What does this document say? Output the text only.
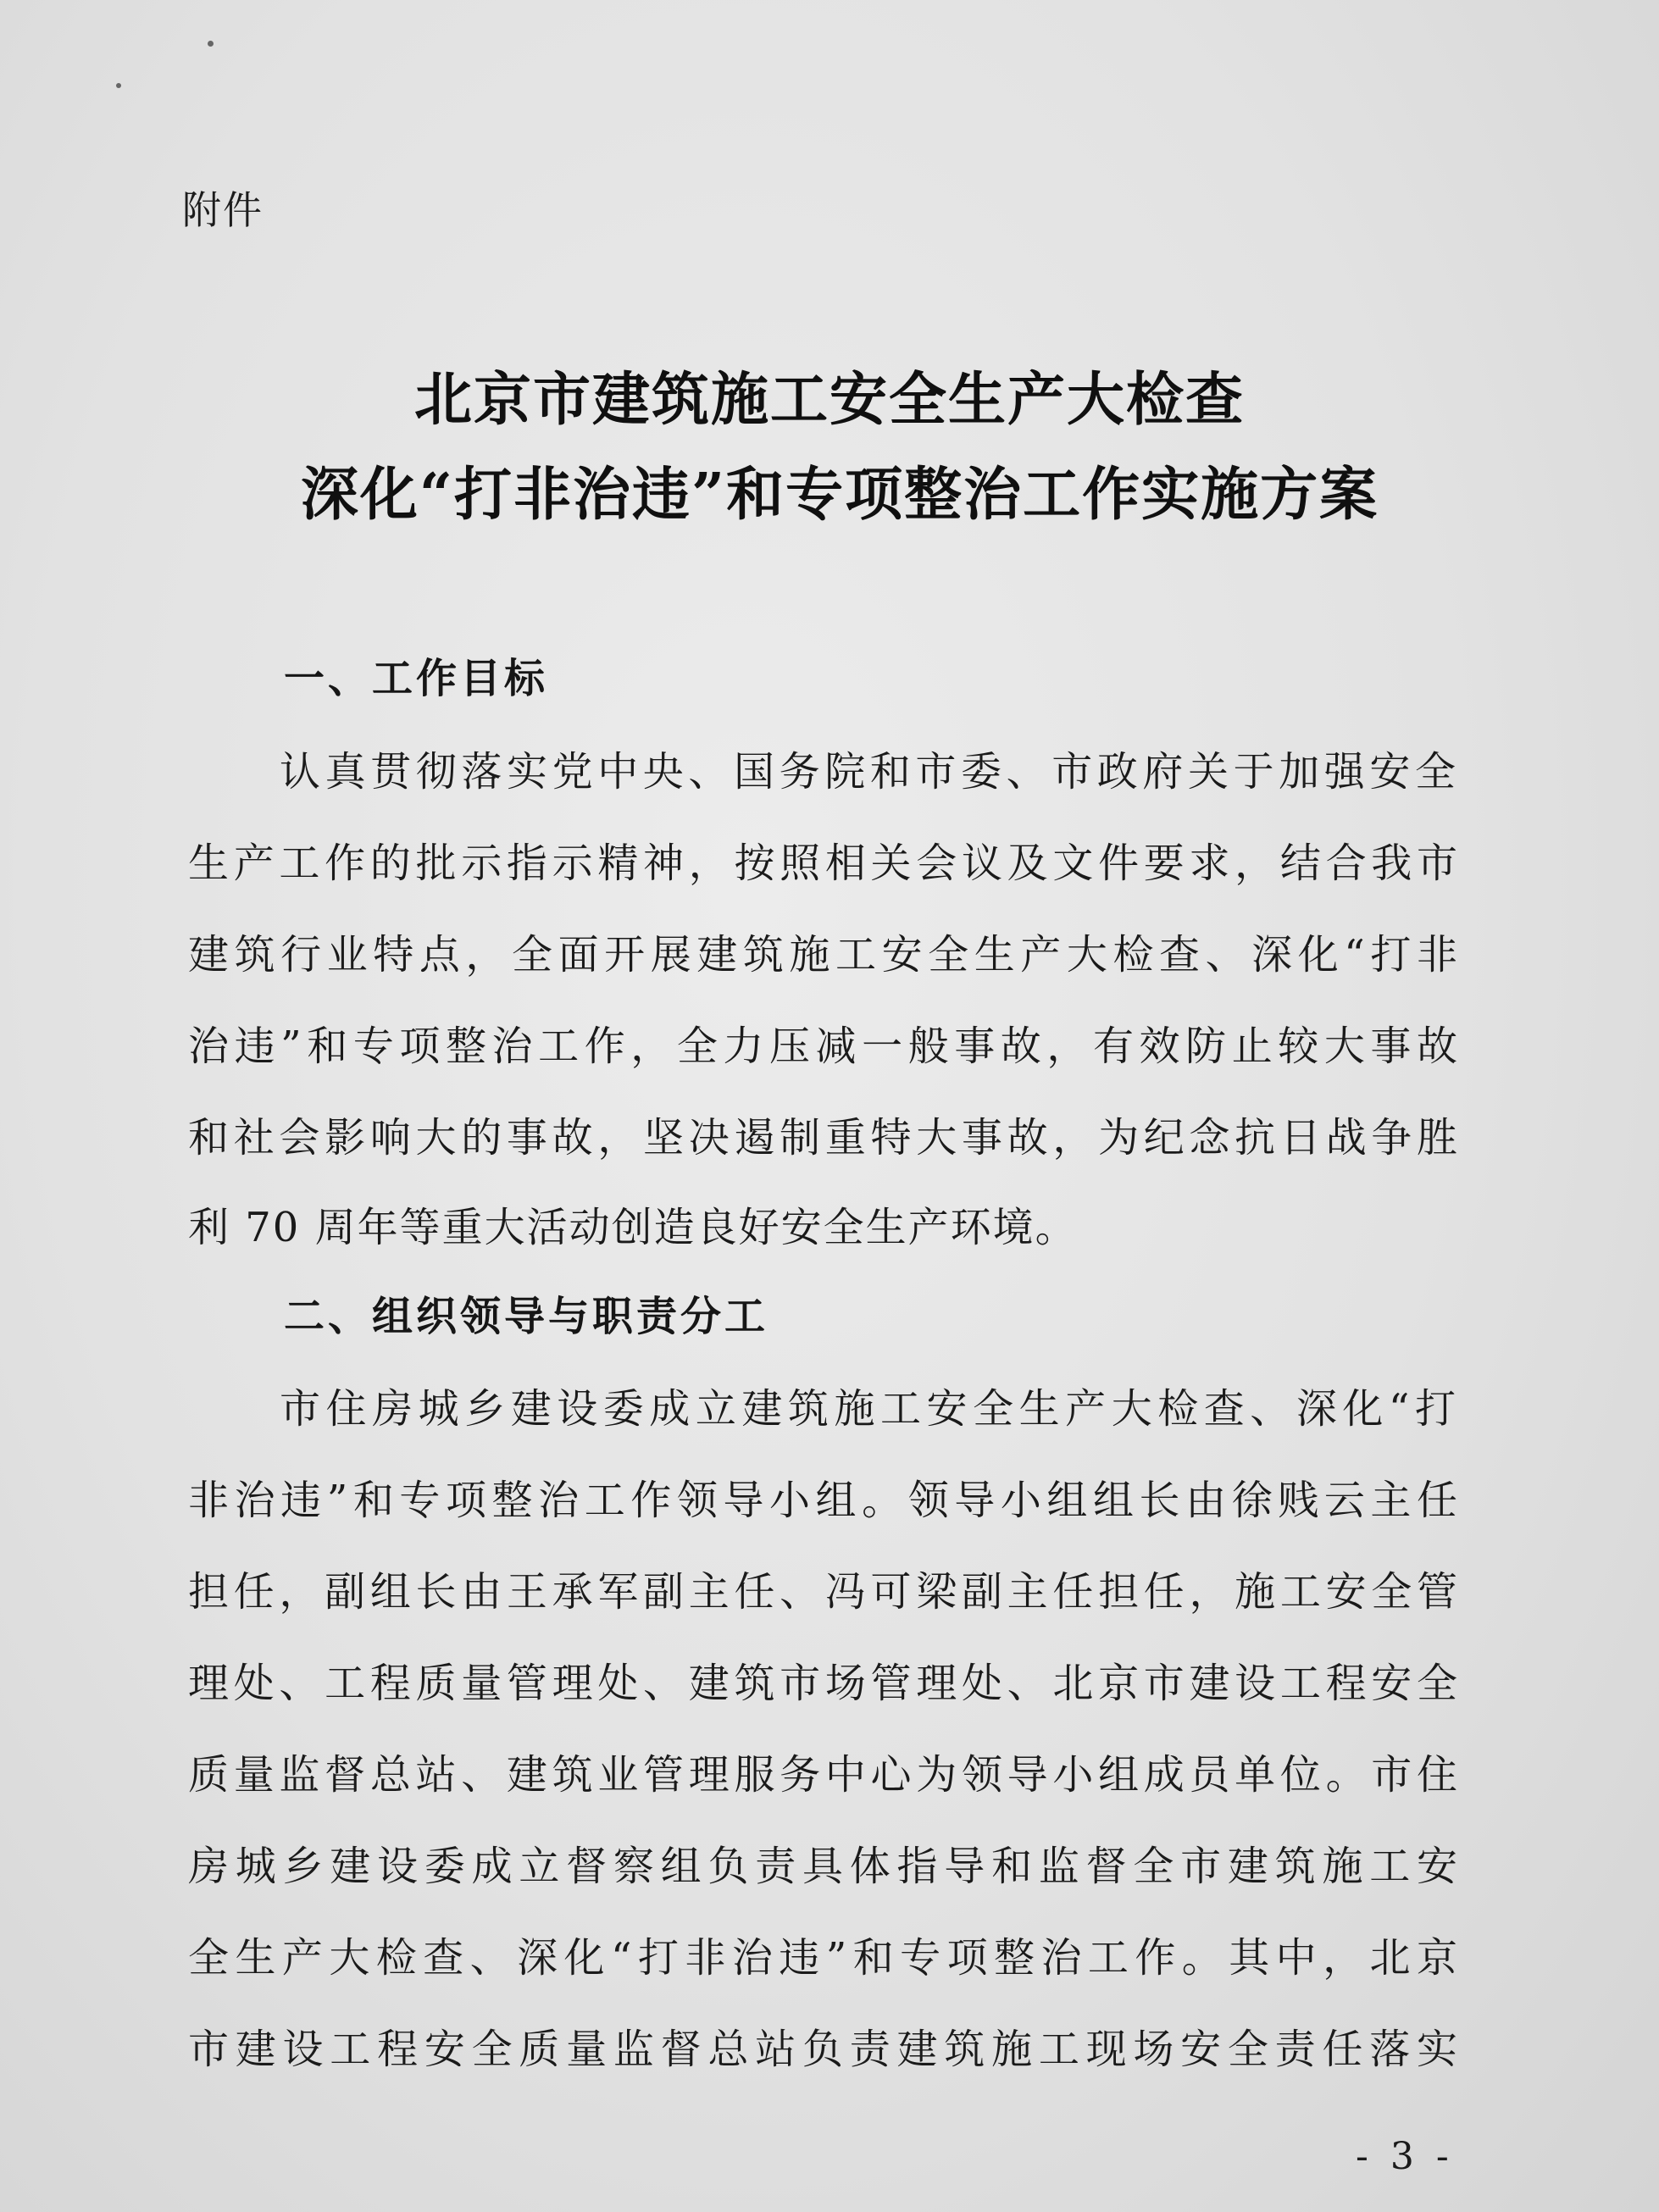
附件
北京市建筑施工安全生产大检查
深化“打非治违”和专项整治工作实施方案
一、工作目标
认真贯彻落实党中央、国务院和市委、市政府关于加强安全
生产工作的批示指示精神，按照相关会议及文件要求，结合我市
建筑行业特点，全面开展建筑施工安全生产大检查、深化“打非
治违”和专项整治工作，全力压减一般事故，有效防止较大事故
和社会影响大的事故，坚决遏制重特大事故，为纪念抗日战争胜
利 70 周年等重大活动创造良好安全生产环境。
二、组织领导与职责分工
市住房城乡建设委成立建筑施工安全生产大检查、深化“打
非治违”和专项整治工作领导小组。领导小组组长由徐贱云主任
担任，副组长由王承军副主任、冯可梁副主任担任，施工安全管
理处、工程质量管理处、建筑市场管理处、北京市建设工程安全
质量监督总站、建筑业管理服务中心为领导小组成员单位。市住
房城乡建设委成立督察组负责具体指导和监督全市建筑施工安
全生产大检查、深化“打非治违”和专项整治工作。其中，北京
市建设工程安全质量监督总站负责建筑施工现场安全责任落实
- 3 -
